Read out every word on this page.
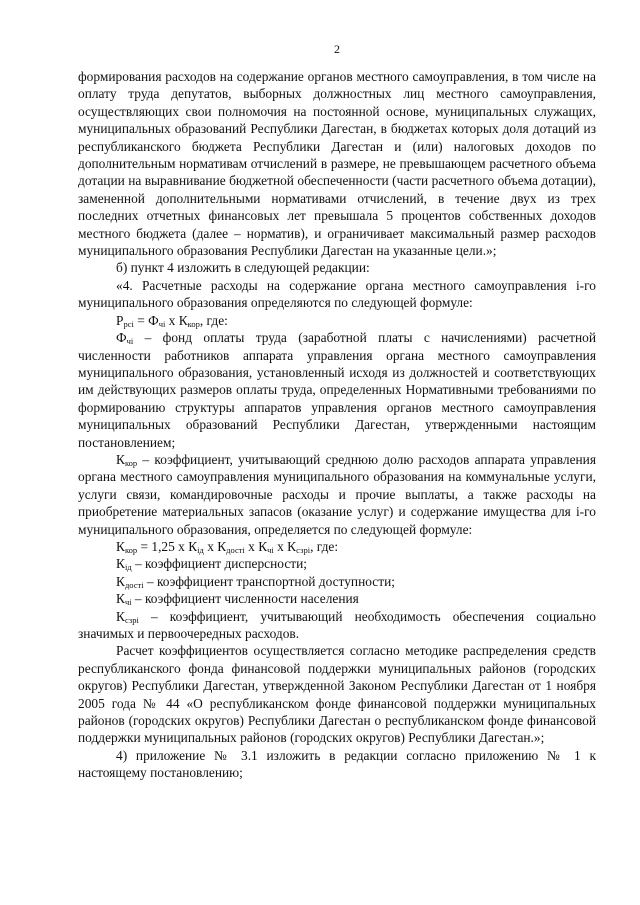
2

формирования расходов на содержание органов местного самоуправления, в том числе на оплату труда депутатов, выборных должностных лиц местного самоуправления, осуществляющих свои полномочия на постоянной основе, муниципальных служащих, муниципальных образований Республики Дагестан, в бюджетах которых доля дотаций из республиканского бюджета Республики Дагестан и (или) налоговых доходов по дополнительным нормативам отчислений в размере, не превышающем расчетного объема дотации на выравнивание бюджетной обеспеченности (части расчетного объема дотации), замененной дополнительными нормативами отчислений, в течение двух из трех последних отчетных финансовых лет превышала 5 процентов собственных доходов местного бюджета (далее – норматив), и ограничивает максимальный размер расходов муниципального образования Республики Дагестан на указанные цели.»;

б) пункт 4 изложить в следующей редакции:

«4. Расчетные расходы на содержание органа местного самоуправления i-го муниципального образования определяются по следующей формуле:

$Р_{рсi} = Ф_{чi}$ х $К_{кор}$, где:

$Ф_{чi}$ – фонд оплаты труда (заработной платы с начислениями) расчетной численности работников аппарата управления органа местного самоуправления муниципального образования, установленный исходя из должностей и соответствующих им действующих размеров оплаты труда, определенных Нормативными требованиями по формированию структуры аппаратов управления органов местного самоуправления муниципальных образований Республики Дагестан, утвержденными настоящим постановлением;

$К_{кор}$ – коэффициент, учитывающий среднюю долю расходов аппарата управления органа местного самоуправления муниципального образования на коммунальные услуги, услуги связи, командировочные расходы и прочие выплаты, а также расходы на приобретение материальных запасов (оказание услуг) и содержание имущества для i-го муниципального образования, определяется по следующей формуле:

$К_{кор} = 1,25$ х $К_{iд}$ х $К_{достi}$ х $К_{чi}$ х $К_{сзрi}$, где:

$К_{iд}$ – коэффициент дисперсности;

$К_{достi}$ – коэффициент транспортной доступности;

$К_{чi}$ – коэффициент численности населения

$К_{сзрi}$ – коэффициент, учитывающий необходимость обеспечения социально значимых и первоочередных расходов.

Расчет коэффициентов осуществляется согласно методике распределения средств республиканского фонда финансовой поддержки муниципальных районов (городских округов) Республики Дагестан, утвержденной Законом Республики Дагестан от 1 ноября 2005 года № 44 «О республиканском фонде финансовой поддержки муниципальных районов (городских округов) Республики Дагестан о республиканском фонде финансовой поддержки муниципальных районов (городских округов) Республики Дагестан.»;

4) приложение № 3.1 изложить в редакции согласно приложению № 1 к настоящему постановлению;
